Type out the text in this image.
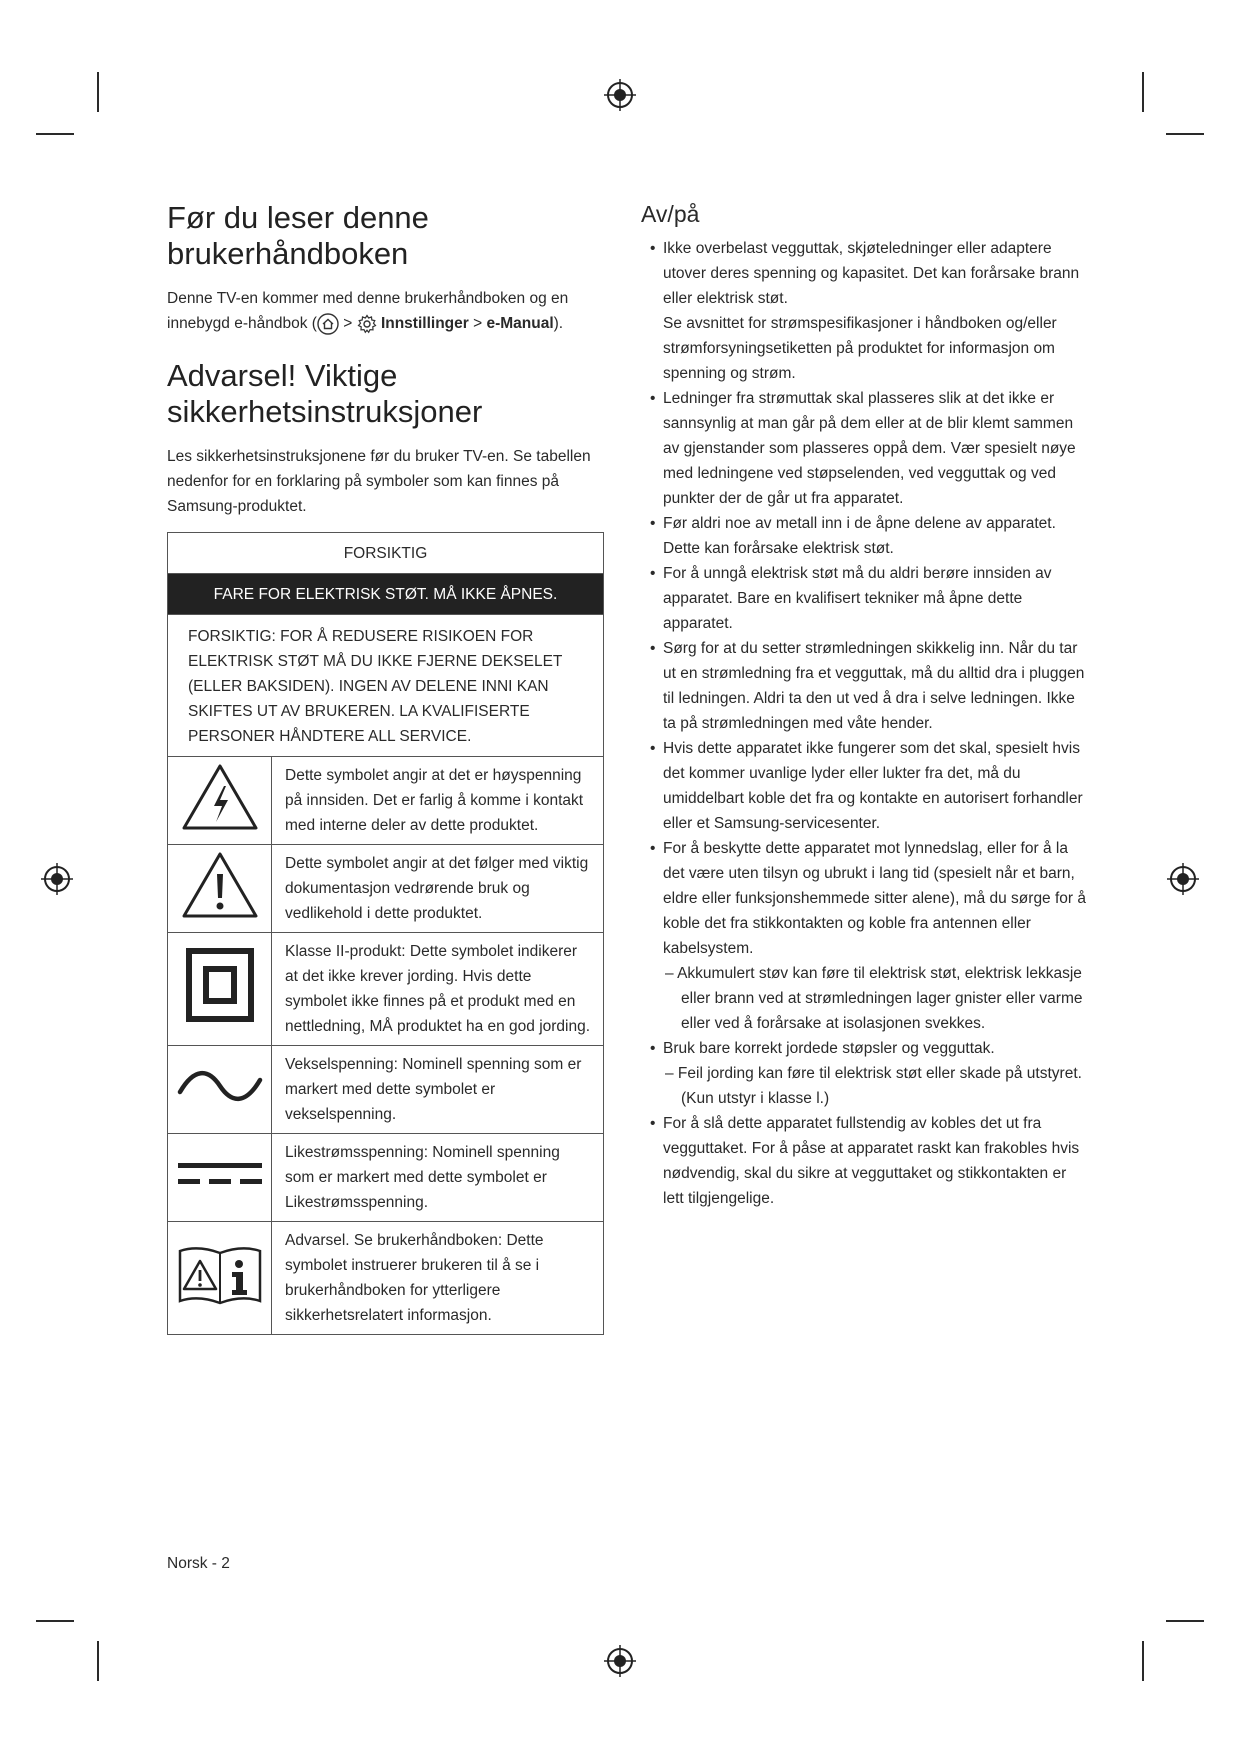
Før du leser denne
brukerhåndboken
Denne TV-en kommer med denne brukerhåndboken og en
innebygd e-håndbok ( >  Innstillinger > e-Manual).
Advarsel! Viktige
sikkerhetsinstruksjoner
Les sikkerhetsinstruksjonene før du bruker TV-en. Se tabellen nedenfor for en forklaring på symboler som kan finnes på Samsung-produktet.
FORSIKTIG	
FARE FOR ELEKTRISK STØT. MÅ IKKE ÅPNES.	
FORSIKTIG: FOR Å REDUSERE RISIKOEN FOR ELEKTRISK STØT MÅ DU IKKE FJERNE DEKSELET (ELLER BAKSIDEN). INGEN AV DELENE INNI KAN SKIFTES UT AV BRUKEREN. LA KVALIFISERTE PERSONER HÅNDTERE ALL SERVICE.	
	Dette symbolet angir at det er høyspenning på innsiden. Det er farlig å komme i kontakt med interne deler av dette produktet.
	Dette symbolet angir at det følger med viktig dokumentasjon vedrørende bruk og vedlikehold i dette produktet.
	Klasse II-produkt: Dette symbolet indikerer at det ikke krever jording. Hvis dette symbolet ikke finnes på et produkt med en nettledning, MÅ produktet ha en god jording.
	Vekselspenning: Nominell spenning som er markert med dette symbolet er vekselspenning.
	Likestrømsspenning: Nominell spenning som er markert med dette symbolet er Likestrømsspenning.
	Advarsel. Se brukerhåndboken: Dette symbolet instruerer brukeren til å se i brukerhåndboken for ytterligere sikkerhetsrelatert informasjon.
Av/på
• Ikke overbelast vegguttak, skjøteledninger eller adaptere utover deres spenning og kapasitet. Det kan forårsake brann eller elektrisk støt.
Se avsnittet for strømspesifikasjoner i håndboken og/eller strømforsyningsetiketten på produktet for informasjon om spenning og strøm.
• Ledninger fra strømuttak skal plasseres slik at det ikke er sannsynlig at man går på dem eller at de blir klemt sammen av gjenstander som plasseres oppå dem. Vær spesielt nøye med ledningene ved støpselenden, ved vegguttak og ved punkter der de går ut fra apparatet.
• Før aldri noe av metall inn i de åpne delene av apparatet. Dette kan forårsake elektrisk støt.
• For å unngå elektrisk støt må du aldri berøre innsiden av apparatet. Bare en kvalifisert tekniker må åpne dette apparatet.
• Sørg for at du setter strømledningen skikkelig inn. Når du tar ut en strømledning fra et vegguttak, må du alltid dra i pluggen til ledningen. Aldri ta den ut ved å dra i selve ledningen. Ikke ta på strømledningen med våte hender.
• Hvis dette apparatet ikke fungerer som det skal, spesielt hvis det kommer uvanlige lyder eller lukter fra det, må du umiddelbart koble det fra og kontakte en autorisert forhandler eller et Samsung-servicesenter.
• For å beskytte dette apparatet mot lynnedslag, eller for å la det være uten tilsyn og ubrukt i lang tid (spesielt når et barn, eldre eller funksjonshemmede sitter alene), må du sørge for å koble det fra stikkontakten og koble fra antennen eller kabelsystem.
– Akkumulert støv kan føre til elektrisk støt, elektrisk lekkasje eller brann ved at strømledningen lager gnister eller varme eller ved å forårsake at isolasjonen svekkes.
• Bruk bare korrekt jordede støpsler og vegguttak.
– Feil jording kan føre til elektrisk støt eller skade på utstyret. (Kun utstyr i klasse l.)
• For å slå dette apparatet fullstendig av kobles det ut fra vegguttaket. For å påse at apparatet raskt kan frakobles hvis nødvendig, skal du sikre at vegguttaket og stikkontakten er lett tilgjengelige.
Norsk - 2
